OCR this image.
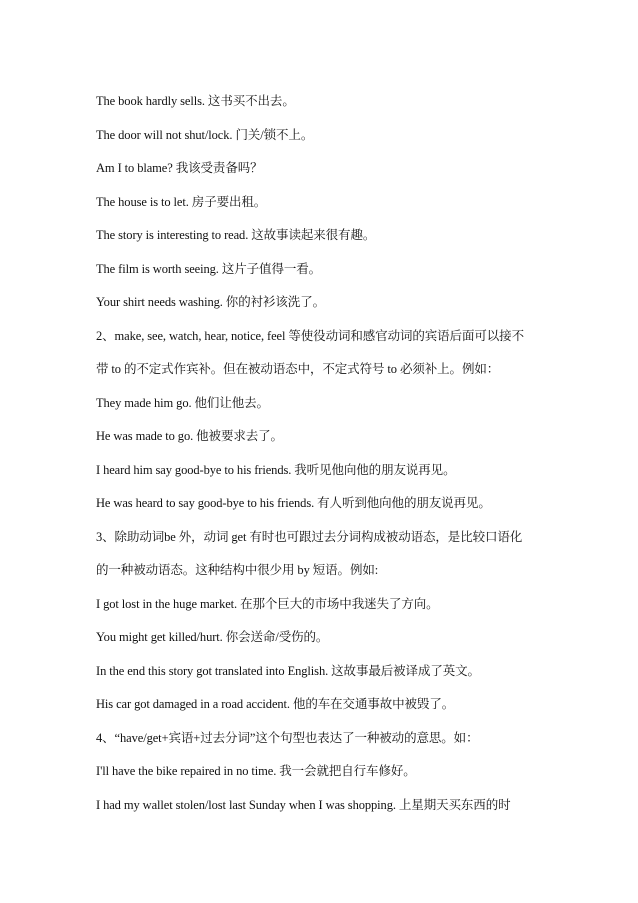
The book hardly sells. 这书买不出去。
The door will not shut/lock. 门关/锁不上。
Am I to blame? 我该受责备吗？
The house is to let. 房子要出租。
The story is interesting to read. 这故事读起来很有趣。
The film is worth seeing. 这片子值得一看。
Your shirt needs washing. 你的衬衫该洗了。
2、make, see, watch, hear, notice, feel 等使役动词和感官动词的宾语后面可以接不
带 to 的不定式作宾补。但在被动语态中，不定式符号 to 必须补上。例如：
They made him go. 他们让他去。
He was made to go. 他被要求去了。
I heard him say good-bye to his friends. 我听见他向他的朋友说再见。
He was heard to say good-bye to his friends. 有人听到他向他的朋友说再见。
3、除助动词be 外，动词 get 有时也可跟过去分词构成被动语态，是比较口语化
的一种被动语态。这种结构中很少用 by 短语。例如:
I got lost in the huge market. 在那个巨大的市场中我迷失了方向。
You might get killed/hurt. 你会送命/受伤的。
In the end this story got translated into English. 这故事最后被译成了英文。
His car got damaged in a road accident. 他的车在交通事故中被毁了。
4、“have/get+宾语+过去分词”这个句型也表达了一种被动的意思。如：
I'll have the bike repaired in no time. 我一会就把自行车修好。
I had my wallet stolen/lost last Sunday when I was shopping. 上星期天买东西的时
